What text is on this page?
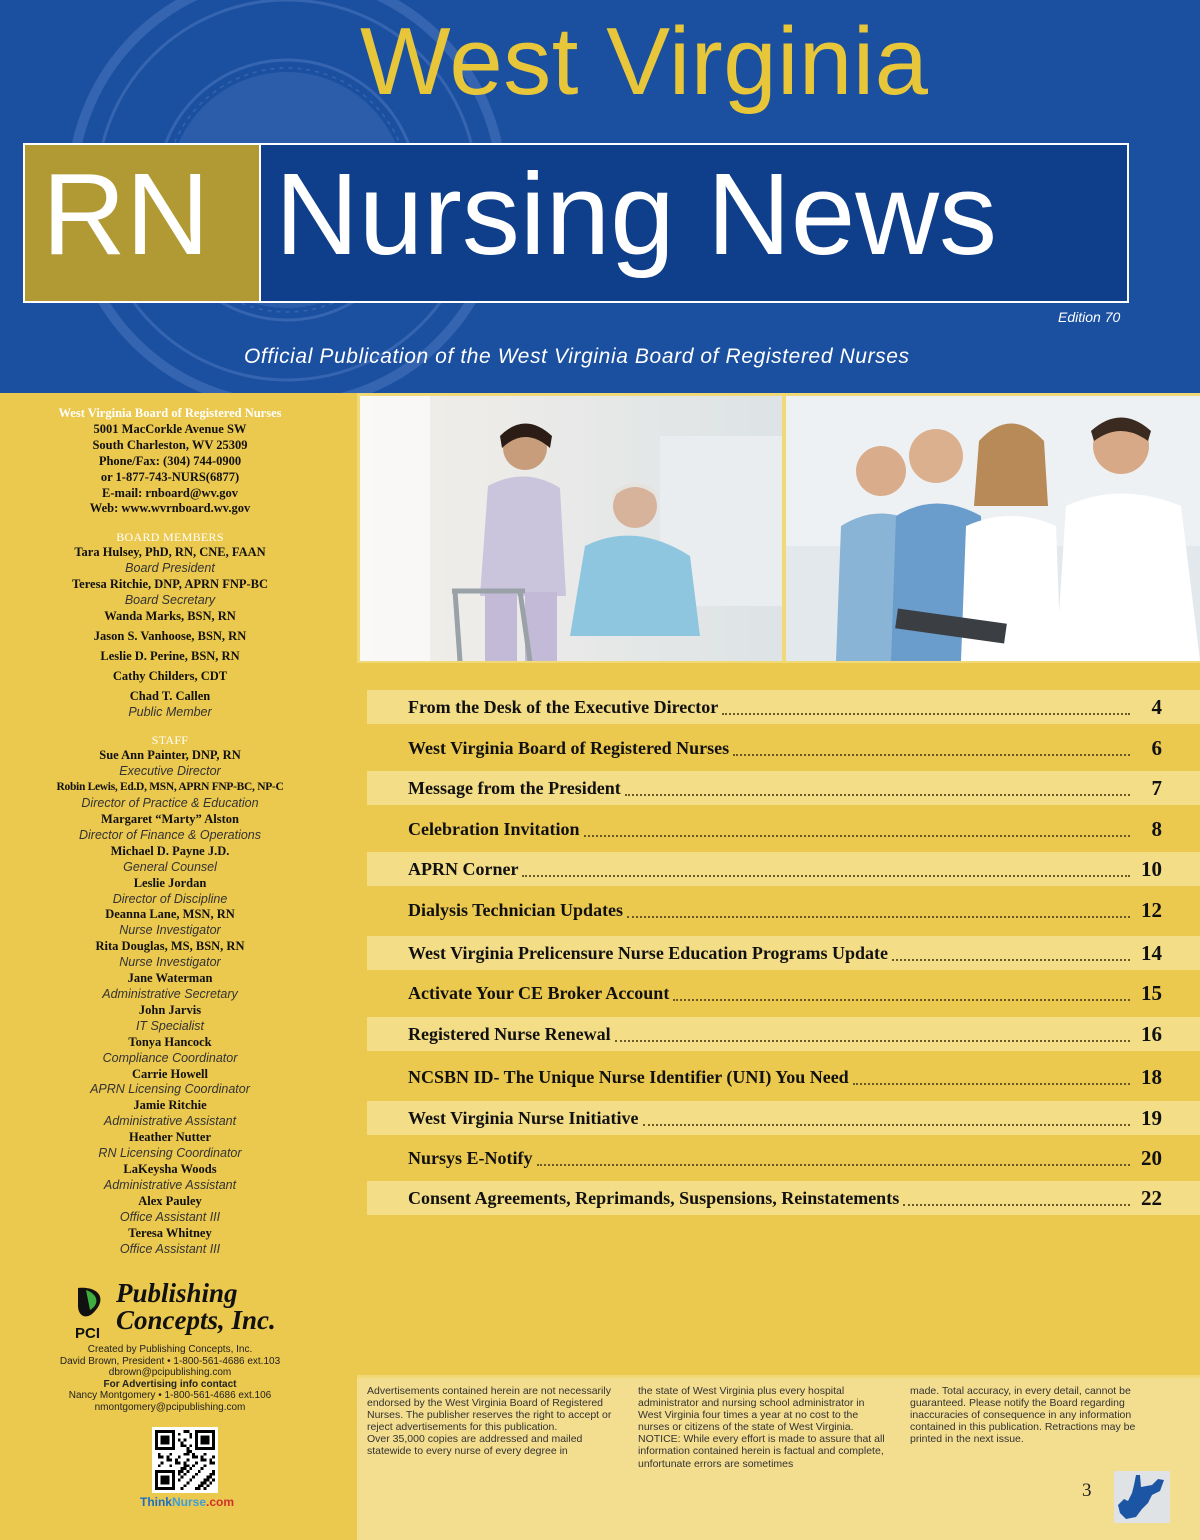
West Virginia
RN Nursing News
Edition 70
Official Publication of the West Virginia Board of Registered Nurses
West Virginia Board of Registered Nurses
5001 MacCorkle Avenue SW
South Charleston, WV 25309
Phone/Fax: (304) 744-0900
or 1-877-743-NURS(6877)
E-mail: rnboard@wv.gov
Web: www.wvrnboard.wv.gov
BOARD MEMBERS
Tara Hulsey, PhD, RN, CNE, FAAN
Board President
Teresa Ritchie, DNP, APRN FNP-BC
Board Secretary
Wanda Marks, BSN, RN
Jason S. Vanhoose, BSN, RN
Leslie D. Perine, BSN, RN
Cathy Childers, CDT
Chad T. Callen
Public Member
STAFF
Sue Ann Painter, DNP, RN
Executive Director
Robin Lewis, Ed.D, MSN, APRN FNP-BC, NP-C
Director of Practice & Education
Margaret “Marty” Alston
Director of Finance & Operations
Michael D. Payne J.D.
General Counsel
Leslie Jordan
Director of Discipline
Deanna Lane, MSN, RN
Nurse Investigator
Rita Douglas, MS, BSN, RN
Nurse Investigator
Jane Waterman
Administrative Secretary
John Jarvis
IT Specialist
Tonya Hancock
Compliance Coordinator
Carrie Howell
APRN Licensing Coordinator
Jamie Ritchie
Administrative Assistant
Heather Nutter
RN Licensing Coordinator
LaKeysha Woods
Administrative Assistant
Alex Pauley
Office Assistant III
Teresa Whitney
Office Assistant III
PCI
Publishing
Concepts, Inc.
Created by Publishing Concepts, Inc.
David Brown, President • 1-800-561-4686 ext.103
dbrown@pcipublishing.com
For Advertising info contact
Nancy Montgomery • 1-800-561-4686 ext.106
nmontgomery@pcipublishing.com
ThinkNurse.com
From the Desk of the Executive Director	4
West Virginia Board of Registered Nurses	6
Message from the President	7
Celebration Invitation	8
APRN Corner	10
Dialysis Technician Updates	12
West Virginia Prelicensure Nurse Education Programs Update	14
Activate Your CE Broker Account	15
Registered Nurse Renewal	16
NCSBN ID- The Unique Nurse Identifier (UNI) You Need	18
West Virginia Nurse Initiative	19
Nursys E-Notify	20
Consent Agreements, Reprimands, Suspensions, Reinstatements	22
Advertisements contained herein are not necessarily endorsed by the West Virginia Board of Registered Nurses. The publisher reserves the right to accept or reject advertisements for this publication.
Over 35,000 copies are addressed and mailed statewide to every nurse of every degree in
the state of West Virginia plus every hospital administrator and nursing school administrator in West Virginia four times a year at no cost to the nurses or citizens of the state of West Virginia.
NOTICE: While every effort is made to assure that all information contained herein is factual and complete, unfortunate errors are sometimes
made. Total accuracy, in every detail, cannot be guaranteed. Please notify the Board regarding inaccuracies of consequence in any information contained in this publication. Retractions may be printed in the next issue.
3
